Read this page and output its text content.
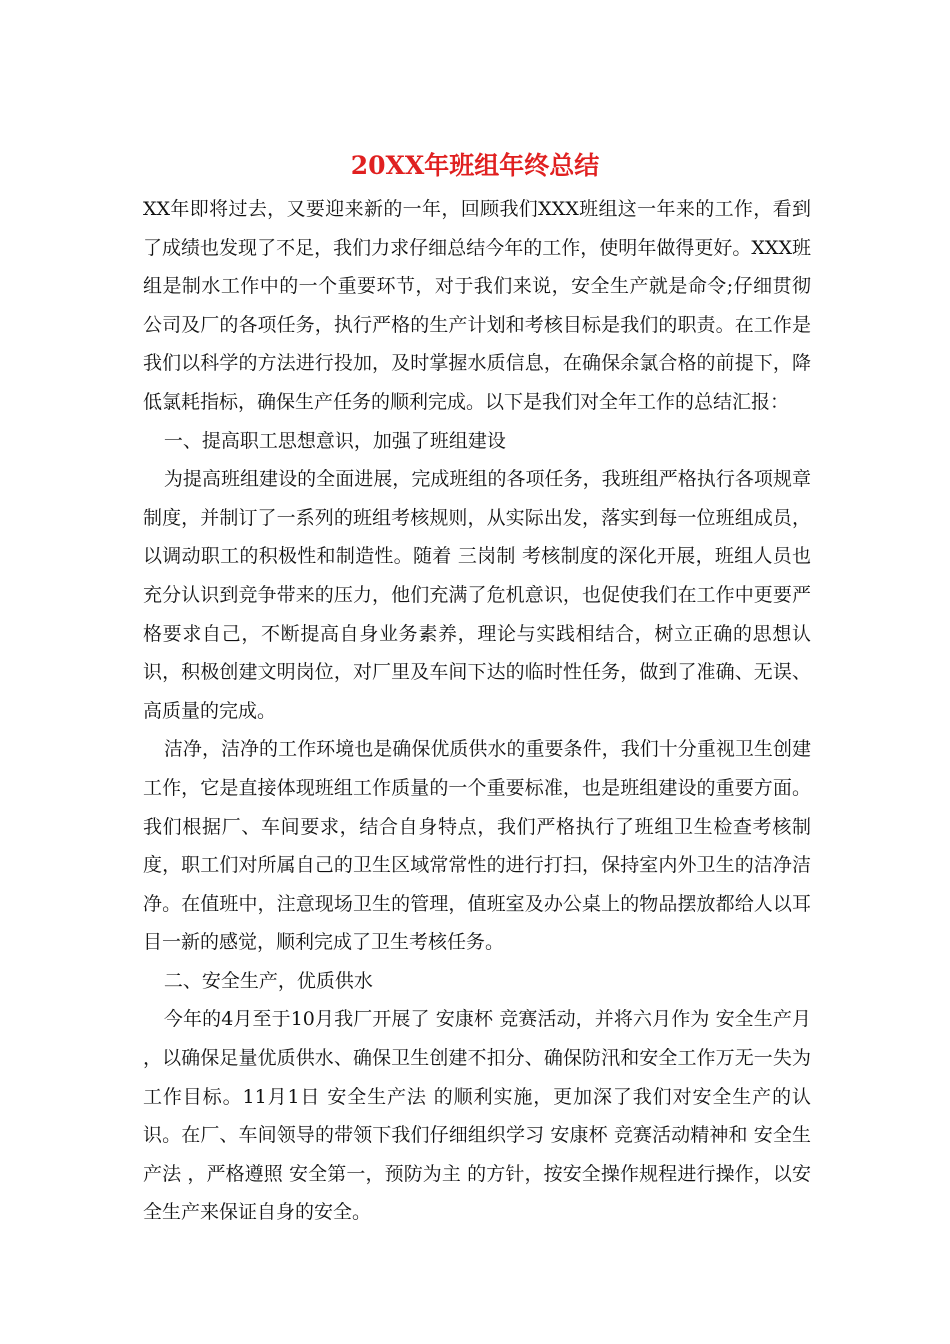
20XX年班组年终总结

XX年即将过去，又要迎来新的一年，回顾我们XXX班组这一年来的工作，看到了成绩也发现了不足，我们力求仔细总结今年的工作，使明年做得更好。XXX班组是制水工作中的一个重要环节，对于我们来说，安全生产就是命令;仔细贯彻公司及厂的各项任务，执行严格的生产计划和考核目标是我们的职责。在工作是我们以科学的方法进行投加，及时掌握水质信息，在确保余氯合格的前提下，降低氯耗指标，确保生产任务的顺利完成。以下是我们对全年工作的总结汇报：

一、提高职工思想意识，加强了班组建设

为提高班组建设的全面进展，完成班组的各项任务，我班组严格执行各项规章制度，并制订了一系列的班组考核规则，从实际出发，落实到每一位班组成员，以调动职工的积极性和制造性。随着 三岗制 考核制度的深化开展，班组人员也充分认识到竞争带来的压力，他们充满了危机意识，也促使我们在工作中更要严格要求自己，不断提高自身业务素养，理论与实践相结合，树立正确的思想认识，积极创建文明岗位，对厂里及车间下达的临时性任务，做到了准确、无误、高质量的完成。

洁净，洁净的工作环境也是确保优质供水的重要条件，我们十分重视卫生创建工作，它是直接体现班组工作质量的一个重要标准，也是班组建设的重要方面。我们根据厂、车间要求，结合自身特点，我们严格执行了班组卫生检查考核制度，职工们对所属自己的卫生区域常常性的进行打扫，保持室内外卫生的洁净洁净。在值班中，注意现场卫生的管理，值班室及办公桌上的物品摆放都给人以耳目一新的感觉，顺利完成了卫生考核任务。

二、安全生产，优质供水

今年的4月至于10月我厂开展了 安康杯 竞赛活动，并将六月作为 安全生产月 ，以确保足量优质供水、确保卫生创建不扣分、确保防汛和安全工作万无一失为工作目标。11月1日 安全生产法 的顺利实施，更加深了我们对安全生产的认识。在厂、车间领导的带领下我们仔细组织学习 安康杯 竞赛活动精神和 安全生产法 ，严格遵照 安全第一，预防为主 的方针，按安全操作规程进行操作，以安全生产来保证自身的安全。
